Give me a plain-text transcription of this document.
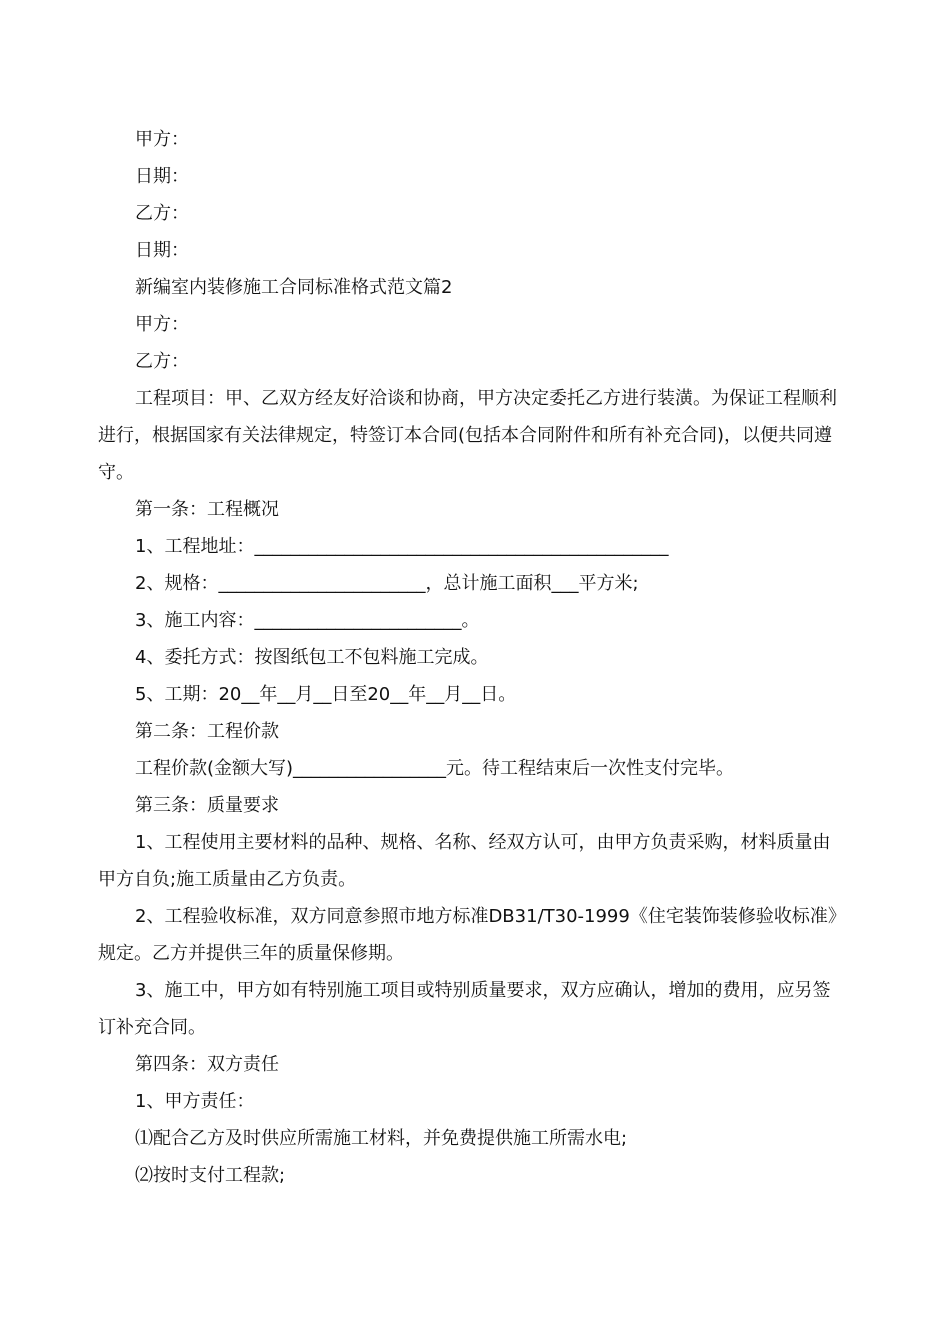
甲方：

日期：

乙方：

日期：

新编室内装修施工合同标准格式范文篇2

甲方：

乙方：

工程项目：甲、乙双方经友好洽谈和协商，甲方决定委托乙方进行装潢。为保证工程顺利进行，根据国家有关法律规定，特签订本合同(包括本合同附件和所有补充合同)，以便共同遵守。

第一条：工程概况

1、工程地址：______________________________________________

2、规格：_______________________，总计施工面积___平方米;

3、施工内容：_______________________。

4、委托方式：按图纸包工不包料施工完成。

5、工期：20__年__月__日至20__年__月__日。

第二条：工程价款

工程价款(金额大写)_________________元。待工程结束后一次性支付完毕。

第三条：质量要求

1、工程使用主要材料的品种、规格、名称、经双方认可，由甲方负责采购，材料质量由甲方自负;施工质量由乙方负责。

2、工程验收标准，双方同意参照市地方标准DB31/T30-1999《住宅装饰装修验收标准》规定。乙方并提供三年的质量保修期。

3、施工中，甲方如有特别施工项目或特别质量要求，双方应确认，增加的费用，应另签订补充合同。

第四条：双方责任

1、甲方责任：

⑴配合乙方及时供应所需施工材料，并免费提供施工所需水电;

⑵按时支付工程款;
